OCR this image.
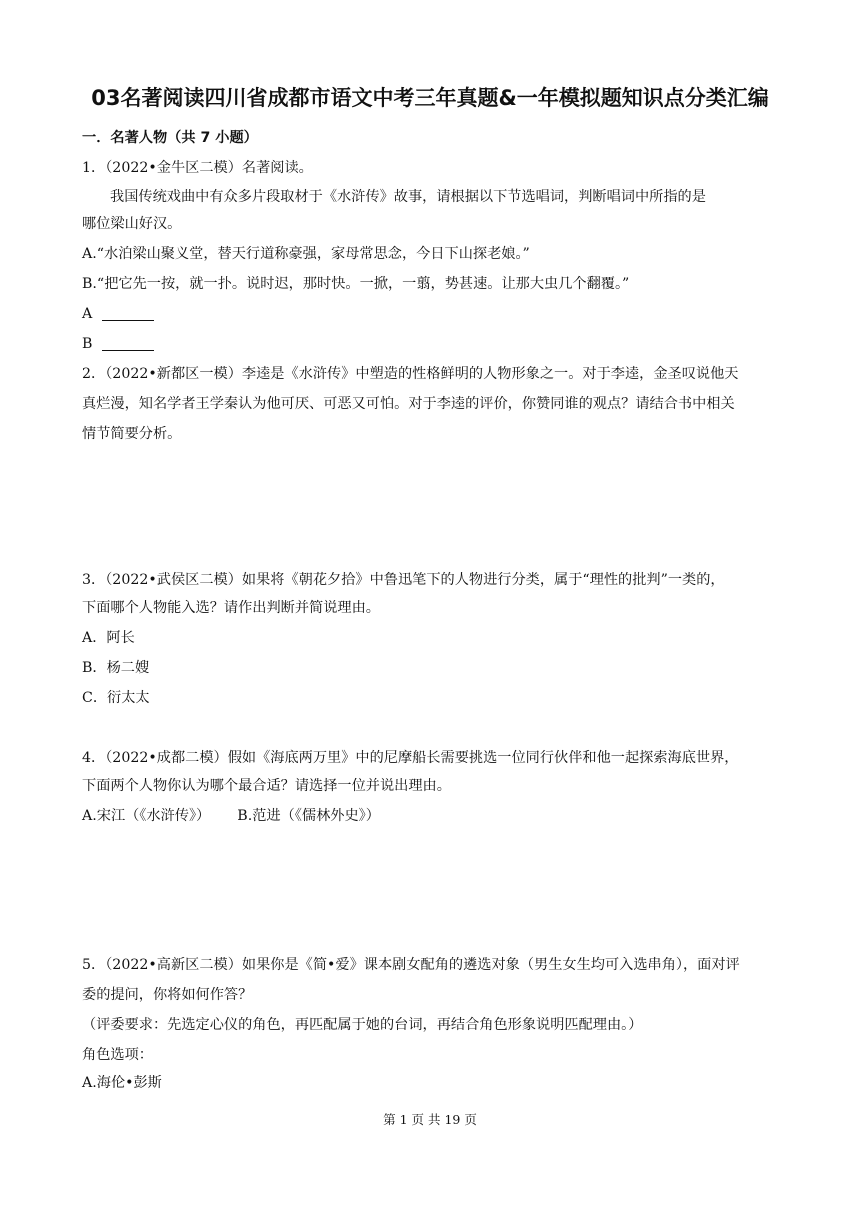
03名著阅读四川省成都市语文中考三年真题&一年模拟题知识点分类汇编
一．名著人物（共 7 小题）
1．（2022•金牛区二模）名著阅读。
我国传统戏曲中有众多片段取材于《水浒传》故事，请根据以下节选唱词，判断唱词中所指的是
哪位梁山好汉。
A.“水泊梁山聚义堂，替天行道称豪强，家母常思念，今日下山探老娘。”
B.“把它先一按，就一扑。说时迟，那时快。一掀，一翦，势甚速。让那大虫几个翻覆。”
A
B
2．（2022•新都区一模）李逵是《水浒传》中塑造的性格鲜明的人物形象之一。对于李逵，金圣叹说他天
真烂漫，知名学者王学秦认为他可厌、可恶又可怕。对于李逵的评价，你赞同谁的观点？请结合书中相关
情节简要分析。
3．（2022•武侯区二模）如果将《朝花夕拾》中鲁迅笔下的人物进行分类，属于“理性的批判”一类的，
下面哪个人物能入选？请作出判断并简说理由。
A．阿长
B．杨二嫂
C．衍太太
4．（2022•成都二模）假如《海底两万里》中的尼摩船长需要挑选一位同行伙伴和他一起探索海底世界，
下面两个人物你认为哪个最合适？请选择一位并说出理由。
A.宋江（《水浒传》）      B.范进（《儒林外史》）
5．（2022•高新区二模）如果你是《简•爱》课本剧女配角的遴选对象（男生女生均可入选串角），面对评
委的提问，你将如何作答？
（评委要求：先选定心仪的角色，再匹配属于她的台词，再结合角色形象说明匹配理由。）
角色选项：
A.海伦•彭斯
第 1 页 共 19 页
